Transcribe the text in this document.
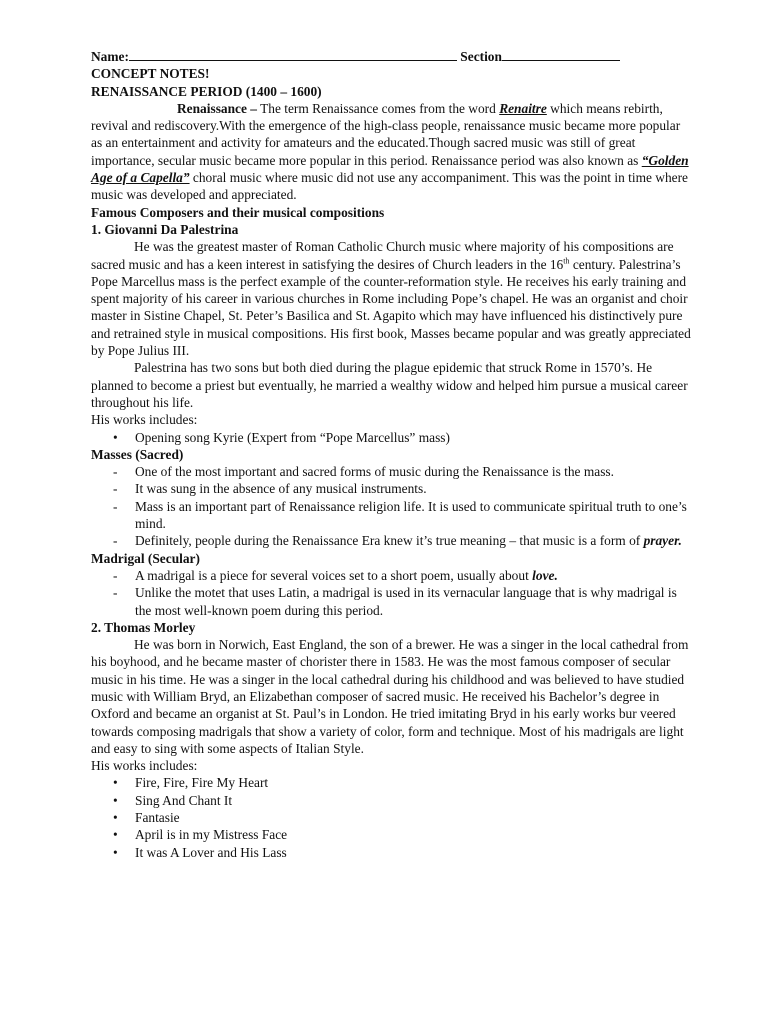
Name:	Section
CONCEPT NOTES!
RENAISSANCE PERIOD (1400 – 1600)

Renaissance – The term Renaissance comes from the word Renaitre which means rebirth, revival and rediscovery.With the emergence of the high-class people, renaissance music became more popular as an entertainment and activity for amateurs and the educated.Though sacred music was still of great importance, secular music became more popular in this period. Renaissance period was also known as “Golden Age of a Capella” choral music where music did not use any accompaniment. This was the point in time where music was developed and appreciated.

Famous Composers and their musical compositions
1. Giovanni Da Palestrina

He was the greatest master of Roman Catholic Church music where majority of his compositions are sacred music and has a keen interest in satisfying the desires of Church leaders in the 16th century. Palestrina’s Pope Marcellus mass is the perfect example of the counter-reformation style. He receives his early training and spent majority of his career in various churches in Rome including Pope’s chapel. He was an organist and choir master in Sistine Chapel, St. Peter’s Basilica and St. Agapito which may have influenced his distinctively pure and retrained style in musical compositions. His first book, Masses became popular and was greatly appreciated by Pope Julius III.

Palestrina has two sons but both died during the plague epidemic that struck Rome in 1570’s. He planned to become a priest but eventually, he married a wealthy widow and helped him pursue a musical career throughout his life.

His works includes:
• Opening song Kyrie (Expert from “Pope Marcellus” mass)
Masses (Sacred)
- One of the most important and sacred forms of music during the Renaissance is the mass.
- It was sung in the absence of any musical instruments.
- Mass is an important part of Renaissance religion life. It is used to communicate spiritual truth to one’s mind.
- Definitely, people during the Renaissance Era knew it’s true meaning – that music is a form of prayer.
Madrigal (Secular)
- A madrigal is a piece for several voices set to a short poem, usually about love.
- Unlike the motet that uses Latin, a madrigal is used in its vernacular language that is why madrigal is the most well-known poem during this period.
2. Thomas Morley

He was born in Norwich, East England, the son of a brewer. He was a singer in the local cathedral from his boyhood, and he became master of chorister there in 1583. He was the most famous composer of secular music in his time. He was a singer in the local cathedral during his childhood and was believed to have studied music with William Bryd, an Elizabethan composer of sacred music. He received his Bachelor’s degree in Oxford and became an organist at St. Paul’s in London. He tried imitating Bryd in his early works bur veered towards composing madrigals that show a variety of color, form and technique. Most of his madrigals are light and easy to sing with some aspects of Italian Style.

His works includes:
• Fire, Fire, Fire My Heart
• Sing And Chant It
• Fantasie
• April is in my Mistress Face
• It was A Lover and His Lass
